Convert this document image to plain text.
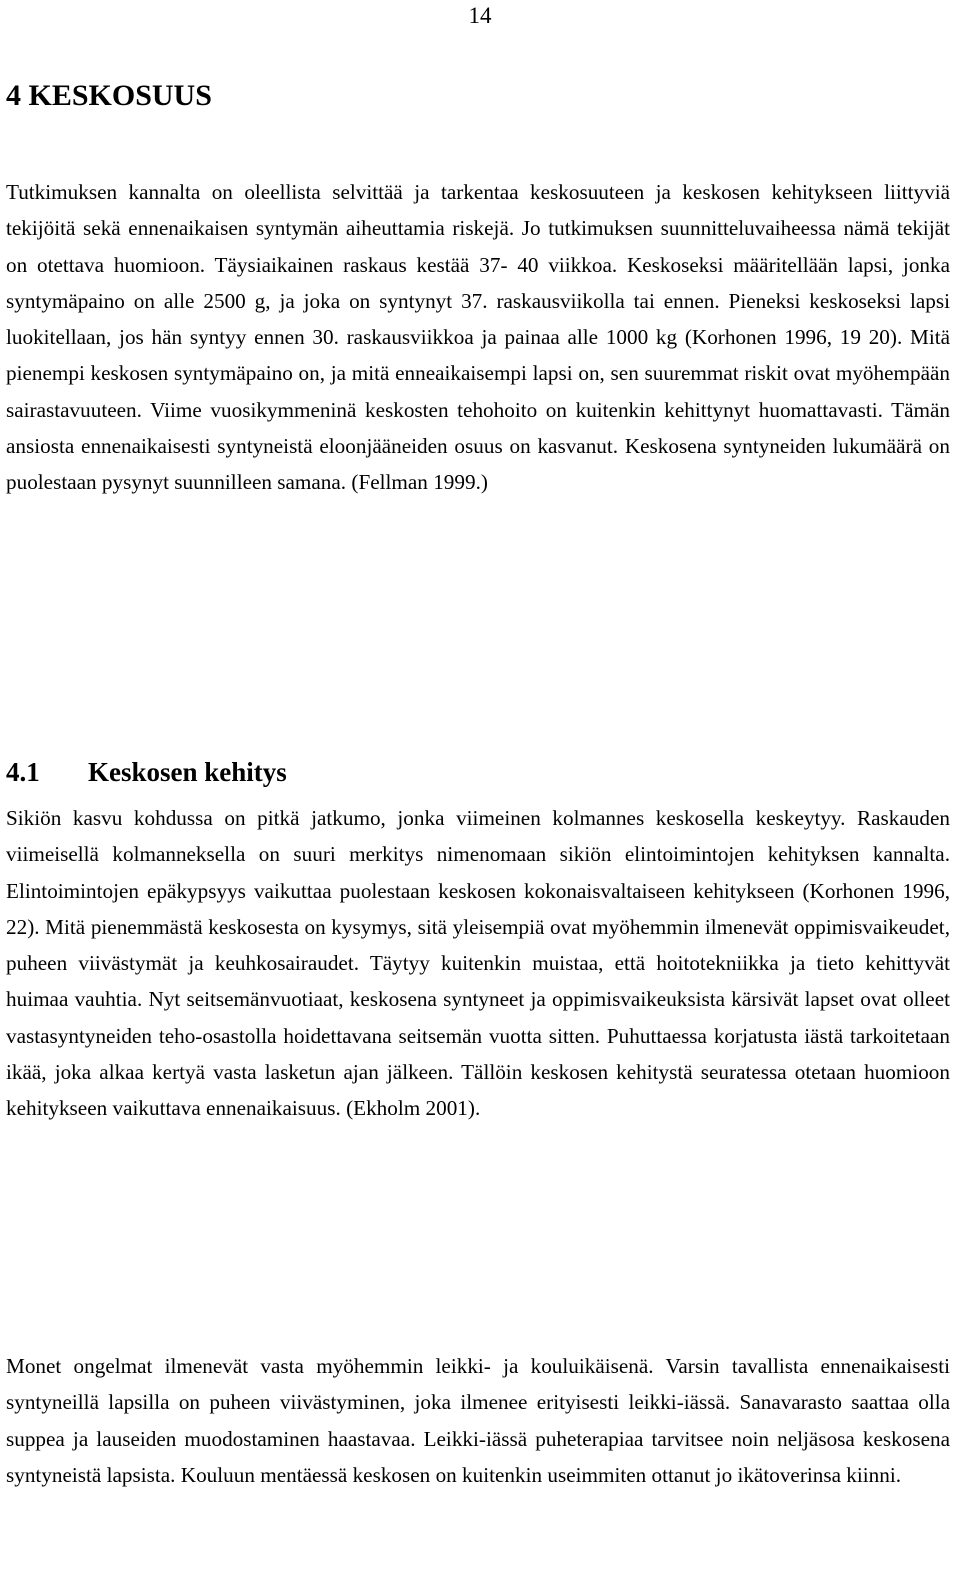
14
4 KESKOSUUS

Tutkimuksen kannalta on oleellista selvittää ja tarkentaa keskosuuteen ja keskosen kehitykseen liittyviä tekijöitä sekä ennenaikaisen syntymän aiheuttamia riskejä. Jo tutkimuksen suunnitteluvaiheessa nämä tekijät on otettava huomioon. Täysiaikainen raskaus kestää 37- 40 viikkoa. Keskoseksi määritellään lapsi, jonka syntymäpaino on alle 2500 g, ja joka on syntynyt 37. raskausviikolla tai ennen. Pieneksi keskoseksi lapsi luokitellaan, jos hän syntyy ennen 30. raskausviikkoa ja painaa alle 1000 kg (Korhonen 1996, 19 20). Mitä pienempi keskosen syntymäpaino on, ja mitä enneaikaisempi lapsi on, sen suuremmat riskit ovat myöhempään sairastavuuteen. Viime vuosikymmeninä keskosten tehohoito on kuitenkin kehittynyt huomattavasti. Tämän ansiosta ennenaikaisesti syntyneistä eloonjääneiden osuus on kasvanut. Keskosena syntyneiden lukumäärä on puolestaan pysynyt suunnilleen samana. (Fellman 1999.)

4.1 Keskosen kehitys

Sikiön kasvu kohdussa on pitkä jatkumo, jonka viimeinen kolmannes keskosella keskeytyy. Raskauden viimeisellä kolmanneksella on suuri merkitys nimenomaan sikiön elintoimintojen kehityksen kannalta. Elintoimintojen epäkypsyys vaikuttaa puolestaan keskosen kokonaisvaltaiseen kehitykseen (Korhonen 1996, 22). Mitä pienemmästä keskosesta on kysymys, sitä yleisempiä ovat myöhemmin ilmenevät oppimisvaikeudet, puheen viivästymät ja keuhkosairaudet. Täytyy kuitenkin muistaa, että hoitotekniikka ja tieto kehittyvät huimaa vauhtia. Nyt seitsemänvuotiaat, keskosena syntyneet ja oppimisvaikeuksista kärsivät lapset ovat olleet vastasyntyneiden teho-osastolla hoidettavana seitsemän vuotta sitten. Puhuttaessa korjatusta iästä tarkoitetaan ikää, joka alkaa kertyä vasta lasketun ajan jälkeen. Tällöin keskosen kehitystä seuratessa otetaan huomioon kehitykseen vaikuttava ennenaikaisuus. (Ekholm 2001).

Monet ongelmat ilmenevät vasta myöhemmin leikki- ja kouluikäisenä. Varsin tavallista ennenaikaisesti syntyneillä lapsilla on puheen viivästyminen, joka ilmenee erityisesti leikki-iässä. Sanavarasto saattaa olla suppea ja lauseiden muodostaminen haastavaa. Leikki-iässä puheterapiaa tarvitsee noin neljäsosa keskosena syntyneistä lapsista. Kouluun mentäessä keskosen on kuitenkin useimmiten ottanut jo ikätoverinsa kiinni.
